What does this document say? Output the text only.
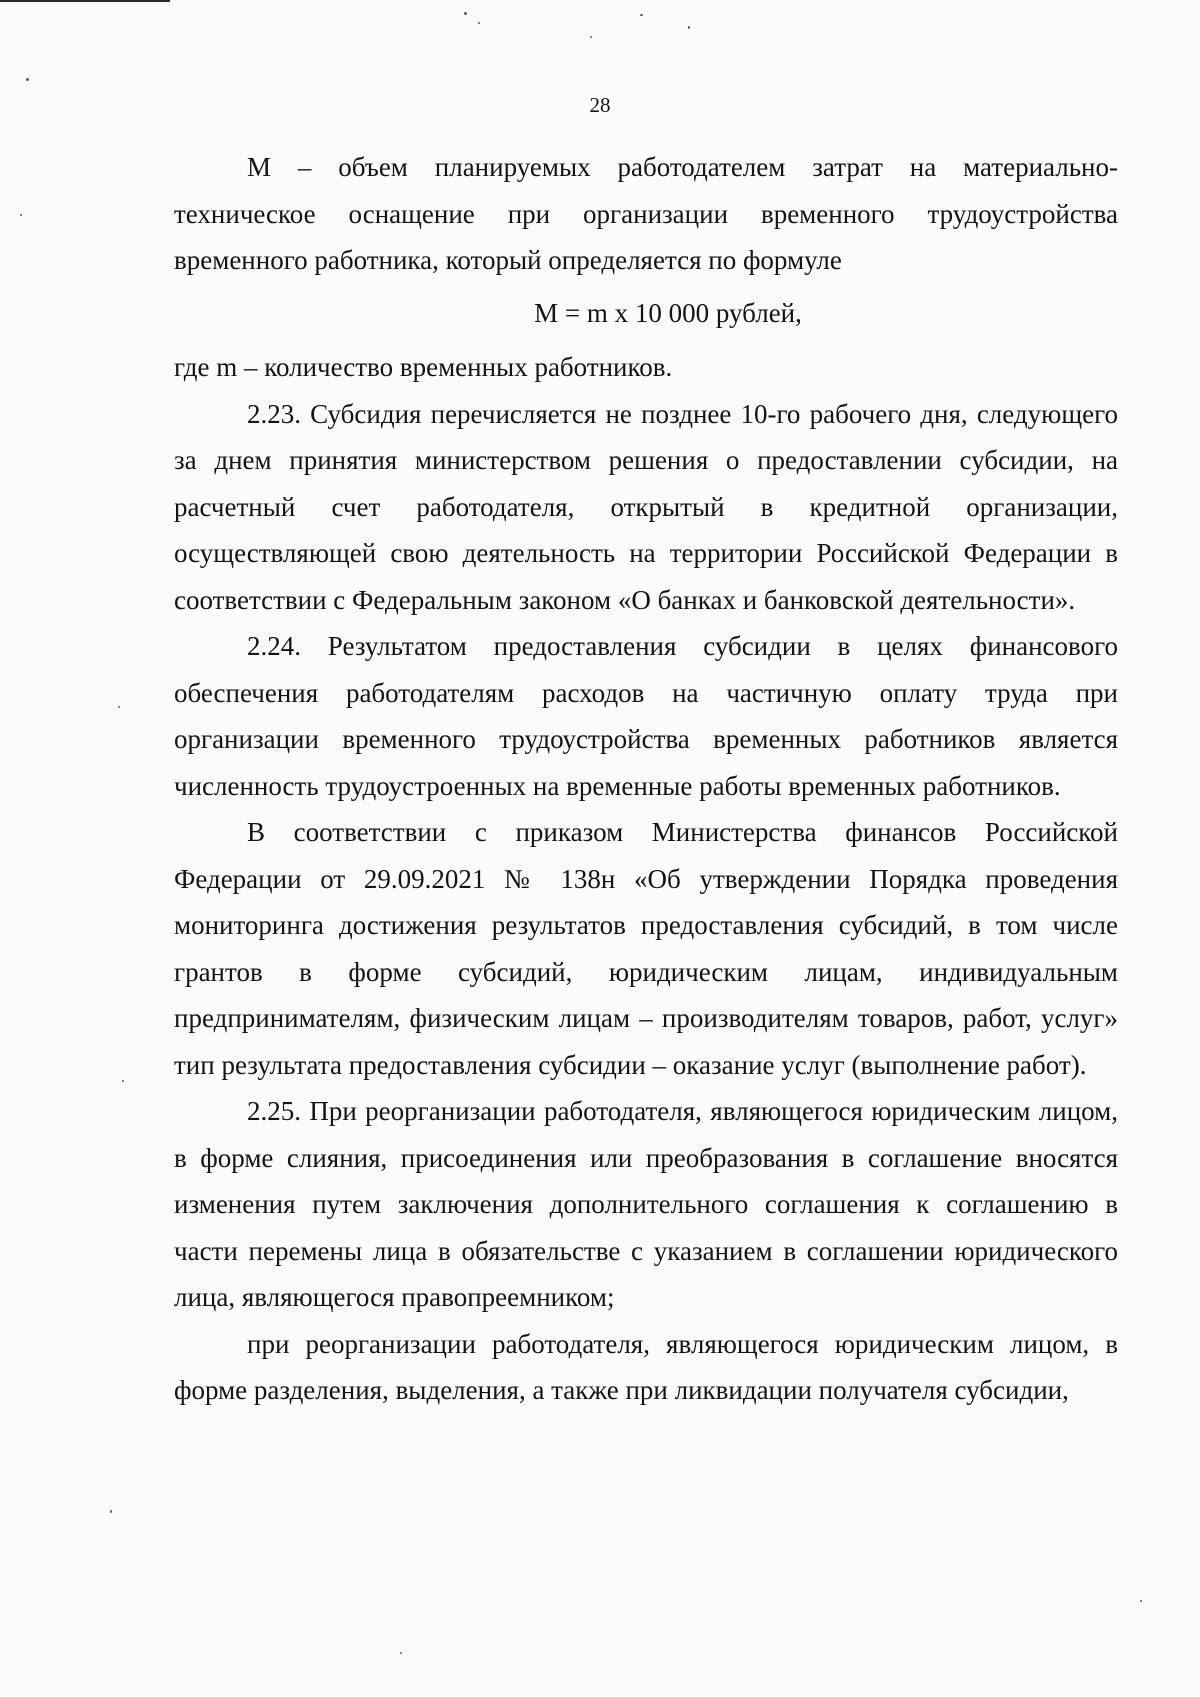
28

М – объем планируемых работодателем затрат на материально-техническое оснащение при организации временного трудоустройства временного работника, который определяется по формуле

М = m x 10 000 рублей,

где m – количество временных работников.

2.23. Субсидия перечисляется не позднее 10-го рабочего дня, следующего за днем принятия министерством решения о предоставлении субсидии, на расчетный счет работодателя, открытый в кредитной организации, осуществляющей свою деятельность на территории Российской Федерации в соответствии с Федеральным законом «О банках и банковской деятельности».

2.24. Результатом предоставления субсидии в целях финансового обеспечения работодателям расходов на частичную оплату труда при организации временного трудоустройства временных работников является численность трудоустроенных на временные работы временных работников.

В соответствии с приказом Министерства финансов Российской Федерации от 29.09.2021 № 138н «Об утверждении Порядка проведения мониторинга достижения результатов предоставления субсидий, в том числе грантов в форме субсидий, юридическим лицам, индивидуальным предпринимателям, физическим лицам – производителям товаров, работ, услуг» тип результата предоставления субсидии – оказание услуг (выполнение работ).

2.25. При реорганизации работодателя, являющегося юридическим лицом, в форме слияния, присоединения или преобразования в соглашение вносятся изменения путем заключения дополнительного соглашения к соглашению в части перемены лица в обязательстве с указанием в соглашении юридического лица, являющегося правопреемником;

при реорганизации работодателя, являющегося юридическим лицом, в форме разделения, выделения, а также при ликвидации получателя субсидии,
